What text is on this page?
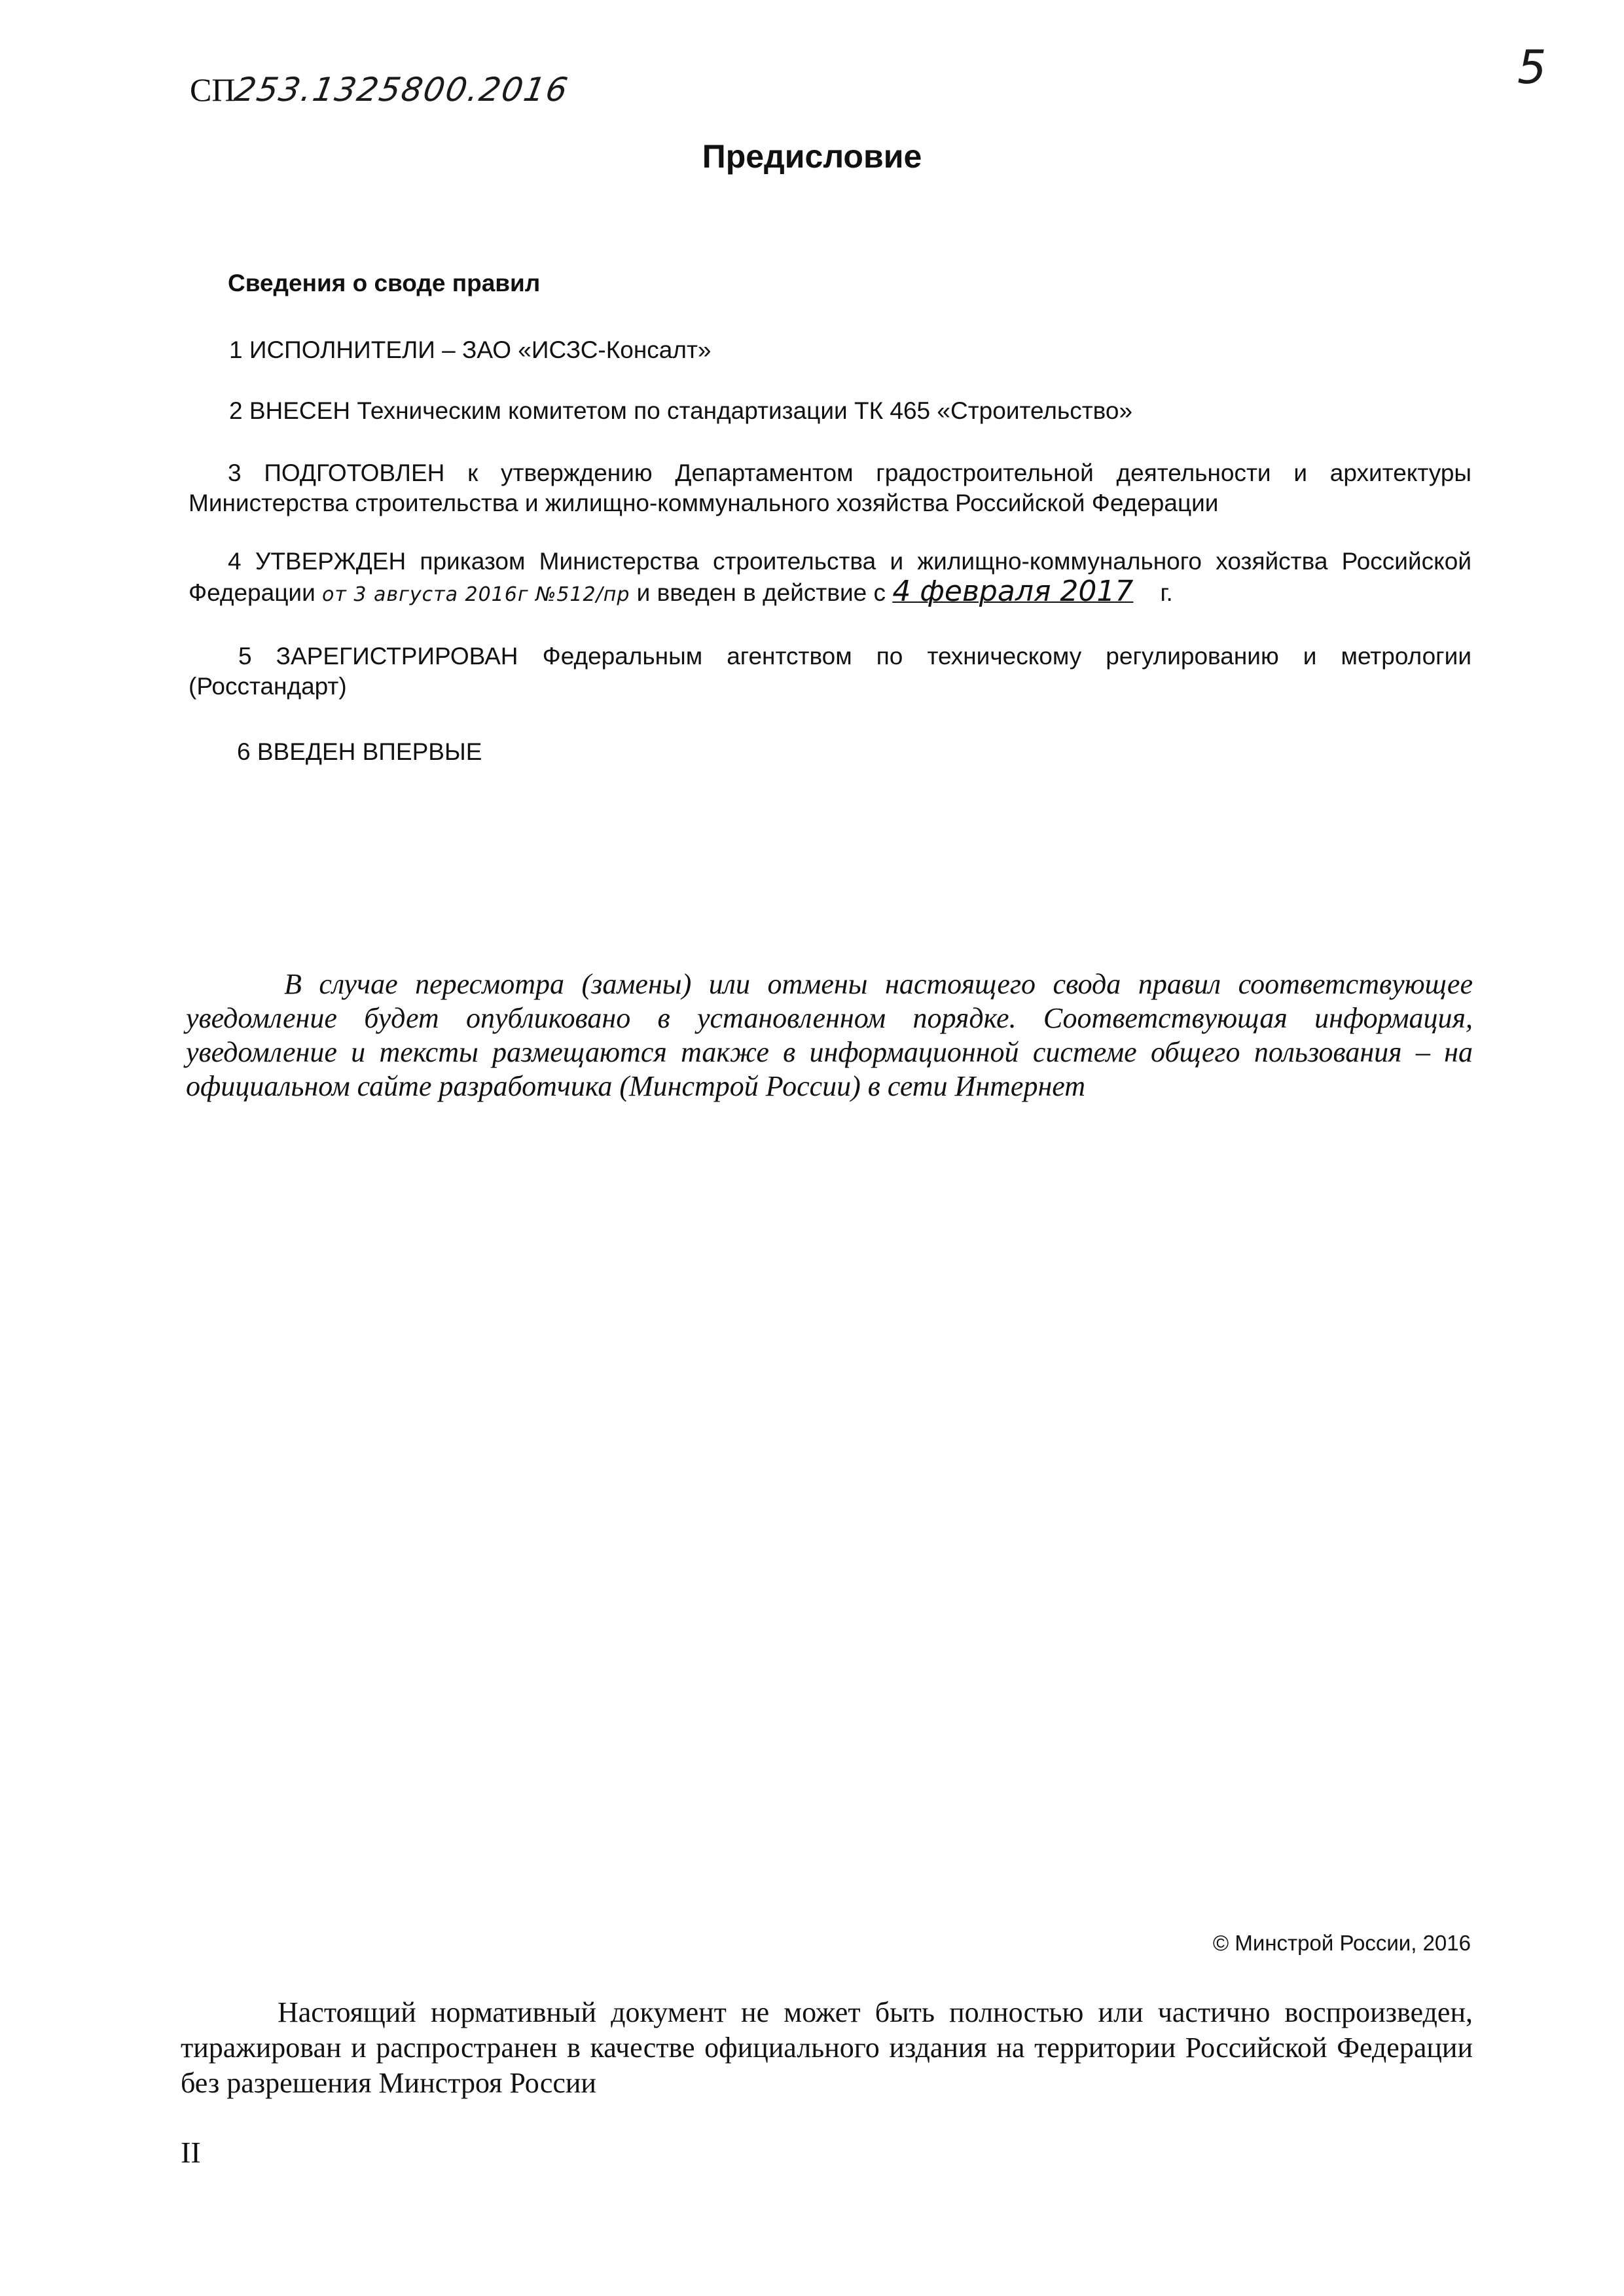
СП253.1325800.2016	5
Предисловие
Сведения о своде правил
1 ИСПОЛНИТЕЛИ – ЗАО «ИСЗС-Консалт»
2 ВНЕСЕН Техническим комитетом по стандартизации ТК 465 «Строительство»
3 ПОДГОТОВЛЕН к утверждению Департаментом градостроительной деятельности и архитектуры Министерства строительства и жилищно-коммунального хозяйства Российской Федерации
4 УТВЕРЖДЕН приказом Министерства строительства и жилищно-коммунального хозяйства Российской Федерации от 3 августа 2016г №512/пр и введен в действие с 4 февраля 2017 г.
5 ЗАРЕГИСТРИРОВАН Федеральным агентством по техническому регулированию и метрологии (Росстандарт)
6 ВВЕДЕН ВПЕРВЫЕ
В случае пересмотра (замены) или отмены настоящего свода правил соответствующее уведомление будет опубликовано в установленном порядке. Соответствующая информация, уведомление и тексты размещаются также в информационной системе общего пользования – на официальном сайте разработчика (Минстрой России) в сети Интернет
© Минстрой России, 2016
Настоящий нормативный документ не может быть полностью или частично воспроизведен, тиражирован и распространен в качестве официального издания на территории Российской Федерации без разрешения Минстроя России
II
